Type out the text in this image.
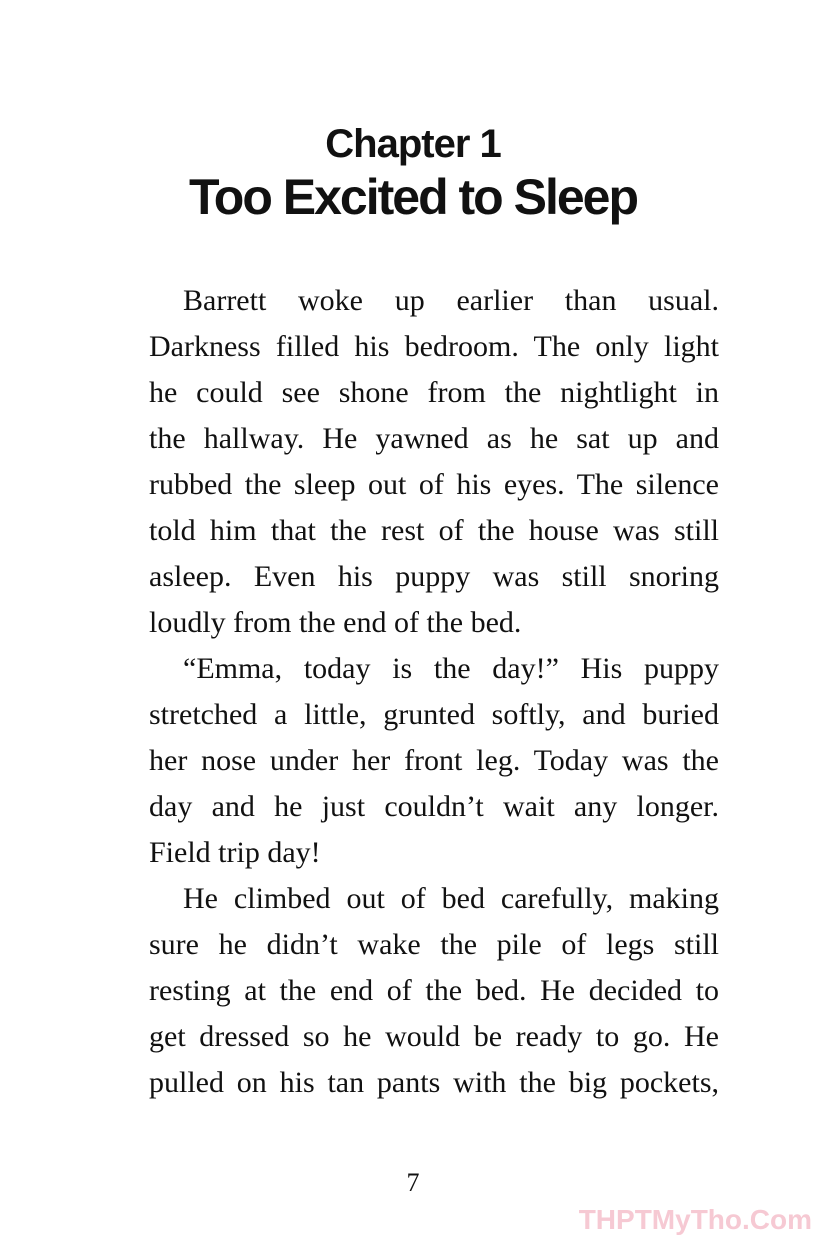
Chapter 1
Too Excited to Sleep
Barrett woke up earlier than usual.
Darkness filled his bedroom. The only light
he could see shone from the nightlight in
the hallway. He yawned as he sat up and
rubbed the sleep out of his eyes. The silence
told him that the rest of the house was still
asleep. Even his puppy was still snoring
loudly from the end of the bed.
“Emma, today is the day!” His puppy
stretched a little, grunted softly, and buried
her nose under her front leg. Today was the
day and he just couldn’t wait any longer.
Field trip day!
He climbed out of bed carefully, making
sure he didn’t wake the pile of legs still
resting at the end of the bed. He decided to
get dressed so he would be ready to go. He
pulled on his tan pants with the big pockets,
7
THPTMyTho.Com
